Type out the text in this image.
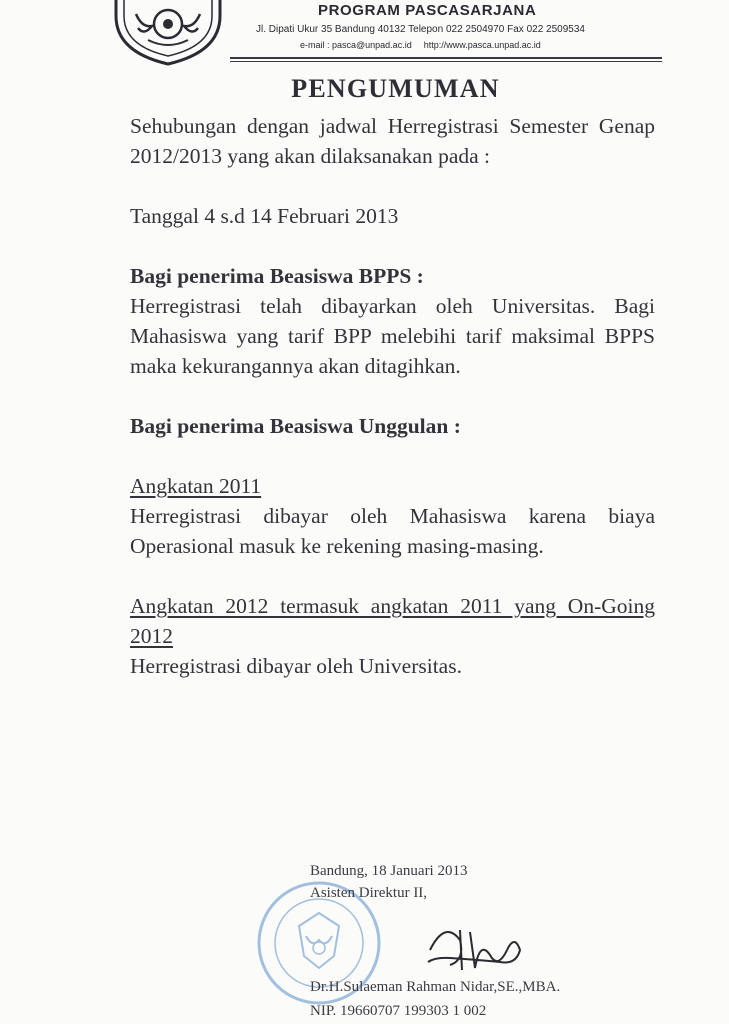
PROGRAM PASCASARJANA
Jl. Dipati Ukur 35 Bandung 40132 Telepon 022 2504970 Fax 022 2509534
e-mail : pasca@unpad.ac.id http://www.pasca.unpad.ac.id
PENGUMUMAN

Sehubungan dengan jadwal Herregistrasi Semester Genap 2012/2013 yang akan dilaksanakan pada :

Tanggal 4 s.d 14 Februari 2013

Bagi penerima Beasiswa BPPS :

Herregistrasi telah dibayarkan oleh Universitas. Bagi Mahasiswa yang tarif BPP melebihi tarif maksimal BPPS maka kekurangannya akan ditagihkan.

Bagi penerima Beasiswa Unggulan :

Angkatan 2011

Herregistrasi dibayar oleh Mahasiswa karena biaya Operasional masuk ke rekening masing-masing.

Angkatan 2012 termasuk angkatan 2011 yang On-Going 2012

Herregistrasi dibayar oleh Universitas.

Bandung, 18 Januari 2013
Asisten Direktur II,
Dr.H.Sulaeman Rahman Nidar,SE.,MBA.
NIP. 19660707 199303 1 002
